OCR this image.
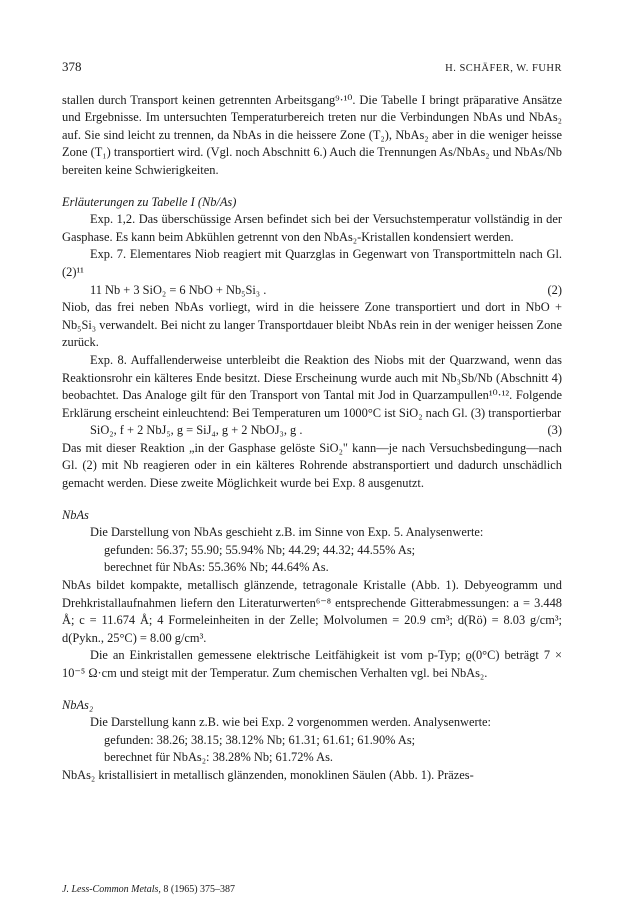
378	H. SCHÄFER, W. FUHR

stallen durch Transport keinen getrennten Arbeitsgang⁹·¹⁰. Die Tabelle I bringt präparative Ansätze und Ergebnisse. Im untersuchten Temperaturbereich treten nur die Verbindungen NbAs und NbAs₂ auf. Sie sind leicht zu trennen, da NbAs in die heissere Zone (T₂), NbAs₂ aber in die weniger heisse Zone (T₁) transportiert wird. (Vgl. noch Abschnitt 6.) Auch die Trennungen As/NbAs₂ und NbAs/Nb bereiten keine Schwierigkeiten.

Erläuterungen zu Tabelle I (Nb/As)

Exp. 1,2. Das überschüssige Arsen befindet sich bei der Versuchstemperatur vollständig in der Gasphase. Es kann beim Abkühlen getrennt von den NbAs₂-Kristallen kondensiert werden.

Exp. 7. Elementares Niob reagiert mit Quarzglas in Gegenwart von Transportmitteln nach Gl. (2)¹¹

11 Nb + 3 SiO₂ = 6 NbO + Nb₅Si₃ .	(2)

Niob, das frei neben NbAs vorliegt, wird in die heissere Zone transportiert und dort in NbO + Nb₅Si₃ verwandelt. Bei nicht zu langer Transportdauer bleibt NbAs rein in der weniger heissen Zone zurück.

Exp. 8. Auffallenderweise unterbleibt die Reaktion des Niobs mit der Quarzwand, wenn das Reaktionsrohr ein kälteres Ende besitzt. Diese Erscheinung wurde auch mit Nb₃Sb/Nb (Abschnitt 4) beobachtet. Das Analoge gilt für den Transport von Tantal mit Jod in Quarzampullen¹⁰·¹². Folgende Erklärung erscheint einleuchtend: Bei Temperaturen um 1000°C ist SiO₂ nach Gl. (3) transportierbar

SiO₂, f + 2 NbJ₅, g = SiJ₄, g + 2 NbOJ₃, g .	(3)

Das mit dieser Reaktion „in der Gasphase gelöste SiO₂" kann—je nach Versuchsbedingung—nach Gl. (2) mit Nb reagieren oder in ein kälteres Rohrende abstransportiert und dadurch unschädlich gemacht werden. Diese zweite Möglichkeit wurde bei Exp. 8 ausgenutzt.

NbAs

Die Darstellung von NbAs geschieht z.B. im Sinne von Exp. 5. Analysenwerte:

gefunden: 56.37; 55.90; 55.94% Nb; 44.29; 44.32; 44.55% As;

berechnet für NbAs: 55.36% Nb; 44.64% As.

NbAs bildet kompakte, metallisch glänzende, tetragonale Kristalle (Abb. 1). Debyeogramm und Drehkristallaufnahmen liefern den Literaturwerten⁶⁻⁸ entsprechende Gitterabmessungen: a = 3.448 Å; c = 11.674 Å; 4 Formeleinheiten in der Zelle; Molvolumen = 20.9 cm³; d(Rö) = 8.03 g/cm³; d(Pykn., 25°C) = 8.00 g/cm³.

Die an Einkristallen gemessene elektrische Leitfähigkeit ist vom p-Typ; ϱ(0°C) beträgt 7 × 10⁻⁵ Ω·cm und steigt mit der Temperatur. Zum chemischen Verhalten vgl. bei NbAs₂.

NbAs₂

Die Darstellung kann z.B. wie bei Exp. 2 vorgenommen werden. Analysenwerte:

gefunden: 38.26; 38.15; 38.12% Nb; 61.31; 61.61; 61.90% As;

berechnet für NbAs₂: 38.28% Nb; 61.72% As.

NbAs₂ kristallisiert in metallisch glänzenden, monoklinen Säulen (Abb. 1). Präzes-

J. Less-Common Metals, 8 (1965) 375–387
